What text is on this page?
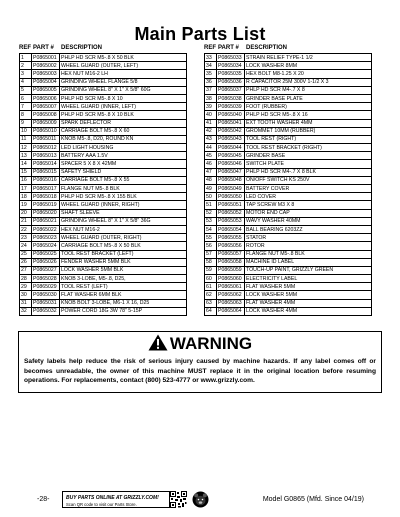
Main Parts List
REF PART # DESCRIPTION
1	P0865001	PHLP HD SCR M5-.8 X 50 BLK
2	P0865002	WHEEL GUARD (OUTER, LEFT)
3	P0865003	HEX NUT M16-2 LH
4	P0865004	GRINDING WHEEL FLANGE 5/8
5	P0865005	GRINDING WHEEL 8" X 1" X 5/8" 60G
6	P0865006	PHLP HD SCR M5-.8 X 10
7	P0865007	WHEEL GUARD (INNER, LEFT)
8	P0865008	PHLP HD SCR M5-.8 X 10 BLK
9	P0865009	SPARK DEFLECTOR
10	P0865010	CARRIAGE BOLT M5-.8 X 60
11	P0865011	KNOB M5-.8, D20, ROUND KN
12	P0865012	LED LIGHT HOUSING
13	P0865013	BATTERY AAA 1.5V
14	P0865014	SPACER 5 X 8 X 42MM
15	P0865015	SAFETY SHIELD
16	P0865016	CARRIAGE BOLT M5-.8 X 55
17	P0865017	FLANGE NUT M5-.8 BLK
18	P0865018	PHLP HD SCR M5-.8 X 155 BLK
19	P0865019	WHEEL GUARD (INNER, RIGHT)
20	P0865020	SHAFT SLEEVE
21	P0865021	GRINDING WHEEL 8" X 1" X 5/8" 36G
22	P0865022	HEX NUT M16-2
23	P0865023	WHEEL GUARD (OUTER, RIGHT)
24	P0865024	CARRIAGE BOLT M5-.8 X 50 BLK
25	P0865025	TOOL REST BRACKET (LEFT)
26	P0865026	FENDER WASHER 5MM BLK
27	P0865027	LOCK WASHER 5MM BLK
28	P0865028	KNOB 3-LOBE, M5-.8, D25,
29	P0865029	TOOL REST (LEFT)
30	P0865030	FLAT WASHER 6MM BLK
31	P0865031	KNOB BOLT 3-LOBE, M6-1 X 16, D25
32	P0865032	POWER CORD 18G 3W 78" 5-15P
REF PART # DESCRIPTION
33	P0865033	STRAIN RELIEF TYPE-1 1/2
34	P0865034	LOCK WASHER 8MM
35	P0865035	HEX BOLT M8-1.25 X 20
36	P0865036	R CAPACITOR 25M 300V 1-1/2 X 3
37	P0865037	PHLP HD SCR M4-.7 X 8
38	P0865038	GRINDER BASE PLATE
39	P0865039	FOOT (RUBBER)
40	P0865040	PHLP HD SCR M5-.8 X 16
41	P0865041	EXT TOOTH WASHER 4MM
42	P0865042	GROMMET 10MM (RUBBER)
43	P0865043	TOOL REST (RIGHT)
44	P0865044	TOOL REST BRACKET (RIGHT)
45	P0865045	GRINDER BASE
46	P0865046	SWITCH PLATE
47	P0865047	PHLP HD SCR M4-.7 X 8 BLK
48	P0865048	ON/OFF SWITCH KS 250V
49	P0865049	BATTERY COVER
50	P0865050	LED COVER
51	P0865051	TAP SCREW M3 X 8
52	P0865052	MOTOR END CAP
53	P0865053	WAVY WASHER 40MM
54	P0865054	BALL BEARING 6203ZZ
55	P0865055	STATOR
56	P0865056	ROTOR
57	P0865057	FLANGE NUT M5-.8 BLK
58	P0865058	MACHINE ID LABEL
59	P0865059	TOUCH-UP PAINT, GRIZZLY GREEN
60	P0865060	ELECTRICITY LABEL
61	P0865061	FLAT WASHER 5MM
62	P0865062	LOCK WASHER 5MM
63	P0865063	FLAT WASHER 4MM
64	P0865064	LOCK WASHER 4MM
WARNING
Safety labels help reduce the risk of serious injury caused by machine hazards. If any label comes off or becomes unreadable, the owner of this machine MUST replace it in the original location before resuming operations. For replacements, contact (800) 523-4777 or www.grizzly.com.
-28-	BUY PARTS ONLINE AT GRIZZLY.COM!
Scan QR code to visit our Parts Store.
Model G0865 (Mfd. Since 04/19)
